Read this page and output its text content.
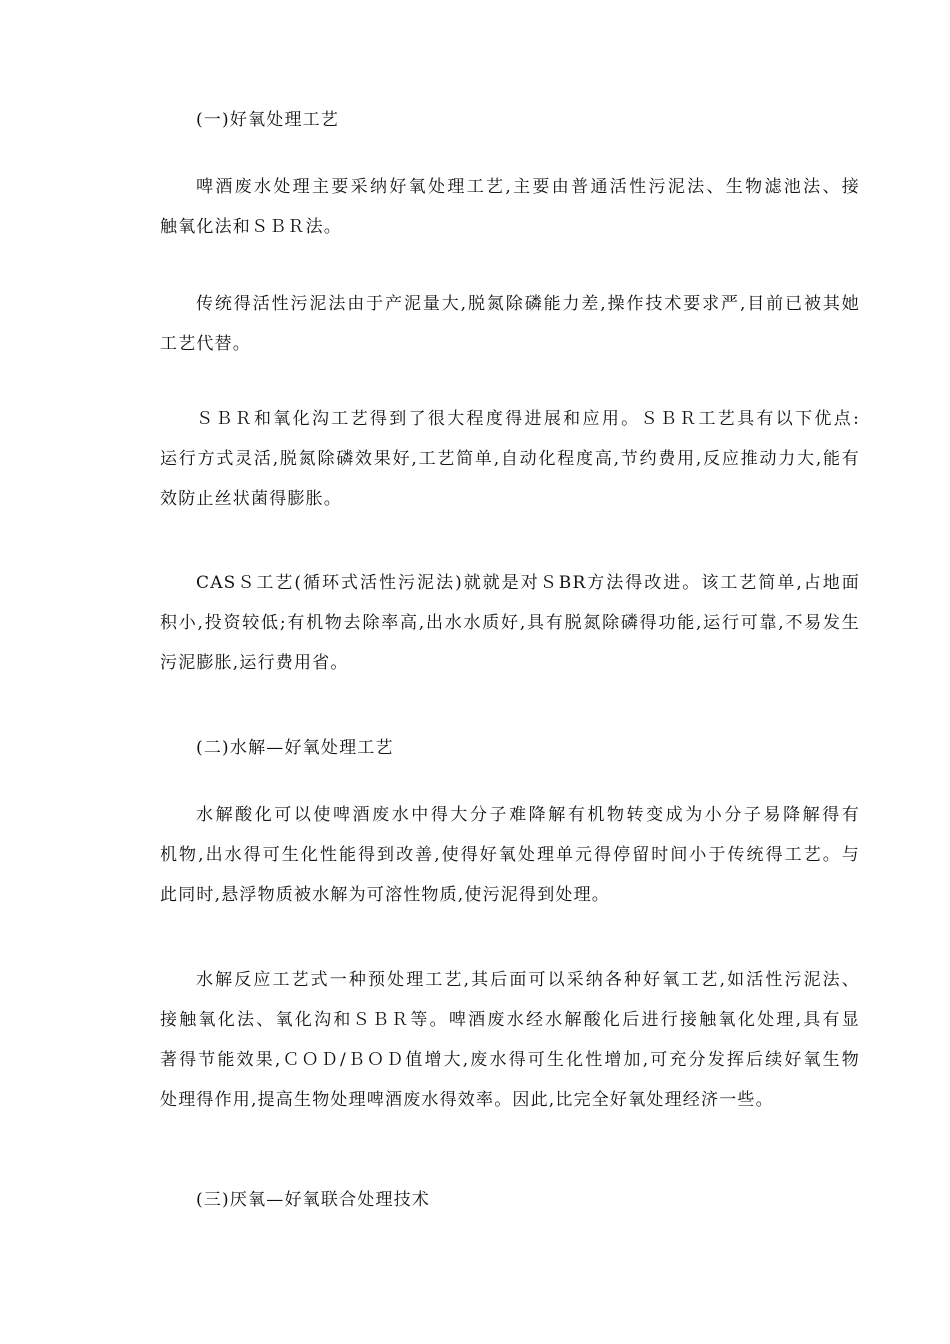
(一)好氧处理工艺
啤酒废水处理主要采纳好氧处理工艺,主要由普通活性污泥法、生物滤池法、接
触氧化法和ＳＢＲ法。
传统得活性污泥法由于产泥量大,脱氮除磷能力差,操作技术要求严,目前已被其她
工艺代替。
ＳＢＲ和氧化沟工艺得到了很大程度得进展和应用。ＳＢＲ工艺具有以下优点:
运行方式灵活,脱氮除磷效果好,工艺简单,自动化程度高,节约费用,反应推动力大,能有
效防止丝状菌得膨胀。
CASＳ工艺(循环式活性污泥法)就就是对ＳBR方法得改进。该工艺简单,占地面
积小,投资较低;有机物去除率高,出水水质好,具有脱氮除磷得功能,运行可靠,不易发生
污泥膨胀,运行费用省。
(二)水解—好氧处理工艺
水解酸化可以使啤酒废水中得大分子难降解有机物转变成为小分子易降解得有
机物,出水得可生化性能得到改善,使得好氧处理单元得停留时间小于传统得工艺。与
此同时,悬浮物质被水解为可溶性物质,使污泥得到处理。
水解反应工艺式一种预处理工艺,其后面可以采纳各种好氧工艺,如活性污泥法、
接触氧化法、氧化沟和ＳＢＲ等。啤酒废水经水解酸化后进行接触氧化处理,具有显
著得节能效果,ＣＯＤ/ＢＯＤ值增大,废水得可生化性增加,可充分发挥后续好氧生物
处理得作用,提高生物处理啤酒废水得效率。因此,比完全好氧处理经济一些。
(三)厌氧—好氧联合处理技术
